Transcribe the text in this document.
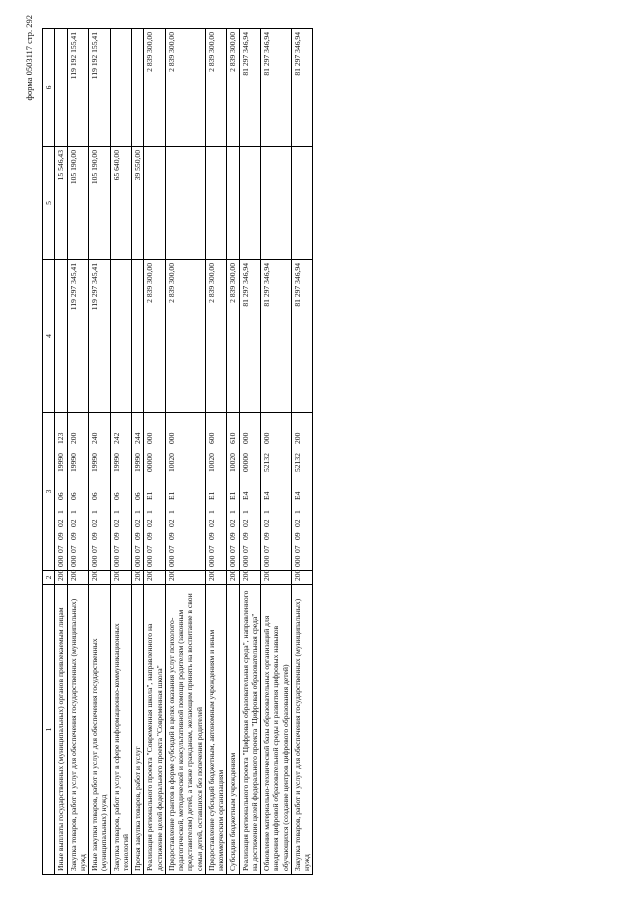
форма 0503117 стр. 292
1	2	3	4	5	6
Иные выплаты государственных (муниципальных) органов привлекаемым лицам	200	00007090210619990123		15 546,43	
Закупка товаров, работ и услуг для обеспечения государственных (муниципальных) нужд	200	00007090210619990200	119 297 345,41	105 190,00	119 192 155,41
Иные закупки товаров, работ и услуг для обеспечения государственных (муниципальных) нужд	200	00007090210619990240	119 297 345,41	105 190,00	119 192 155,41
Закупка товаров, работ и услуг в сфере информационно-коммуникационных технологий	200	00007090210619990242		65 640,00	
Прочая закупка товаров, работ и услуг	200	00007090210619990244		39 550,00	
Реализация регионального проекта "Современная школа", направленного на достижение целей федерального проекта "Современная школа"	200	0000709021Е100000000	2 839 300,00		2 839 300,00
Предоставление грантов в форме субсидий в целях оказания услуг психолого-педагогической, методической и консультативной помощи родителям (законным представителям) детей, а также гражданам, желающим принять на воспитание в свои семьи детей, оставшихся без попечения родителей	200	0000709021Е110020000	2 839 300,00		2 839 300,00
Предоставление субсидий бюджетным, автономным учреждениям и иным некоммерческим организациям	200	0000709021Е110020600	2 839 300,00		2 839 300,00
Субсидии бюджетным учреждениям	200	0000709021Е110020610	2 839 300,00		2 839 300,00
Реализация регионального проекта "Цифровая образовательная среда", направленного на достижение целей федерального проекта "Цифровая образовательная среда"	200	0000709021Е400000000	81 297 346,94		81 297 346,94
Обновление материально-технической базы образовательных организаций для внедрения цифровой образовательной среды и развития цифровых навыков обучающихся (создание центров цифрового образования детей)	200	0000709021Е452132000	81 297 346,94		81 297 346,94
Закупка товаров, работ и услуг для обеспечения государственных (муниципальных) нужд	200	0000709021Е452132200	81 297 346,94		81 297 346,94
